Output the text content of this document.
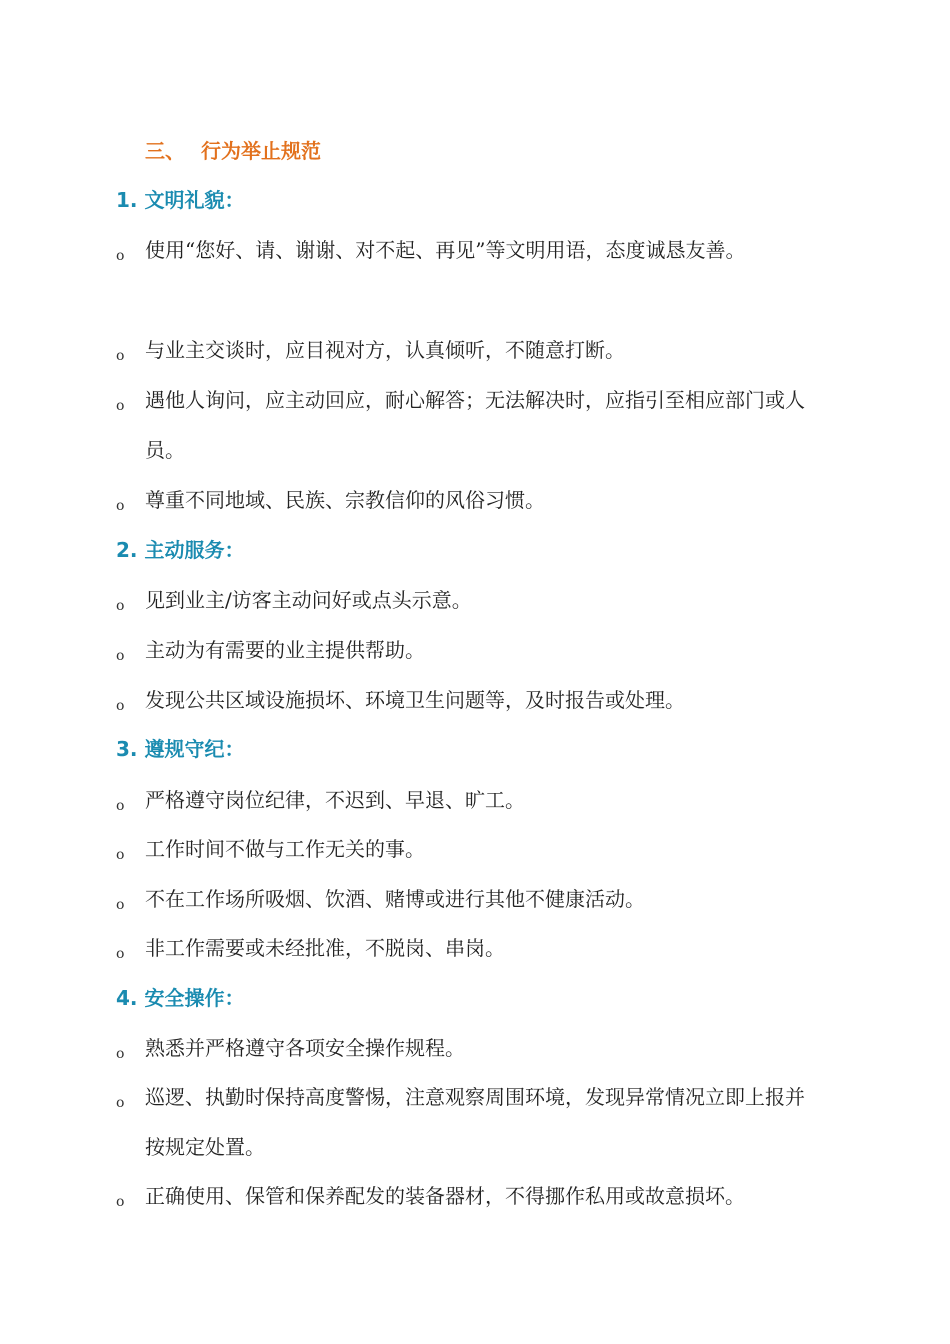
三、 行为举止规范
1. 文明礼貌：
o 使用“您好、请、谢谢、对不起、再见”等文明用语，态度诚恳友善。
o 与业主交谈时，应目视对方，认真倾听，不随意打断。
o 遇他人询问，应主动回应，耐心解答；无法解决时，应指引至相应部门或人员。
o 尊重不同地域、民族、宗教信仰的风俗习惯。
2. 主动服务：
o 见到业主/访客主动问好或点头示意。
o 主动为有需要的业主提供帮助。
o 发现公共区域设施损坏、环境卫生问题等，及时报告或处理。
3. 遵规守纪：
o 严格遵守岗位纪律，不迟到、早退、旷工。
o 工作时间不做与工作无关的事。
o 不在工作场所吸烟、饮酒、赌博或进行其他不健康活动。
o 非工作需要或未经批准，不脱岗、串岗。
4. 安全操作：
o 熟悉并严格遵守各项安全操作规程。
o 巡逻、执勤时保持高度警惕，注意观察周围环境，发现异常情况立即上报并按规定处置。
o 正确使用、保管和保养配发的装备器材，不得挪作私用或故意损坏。
